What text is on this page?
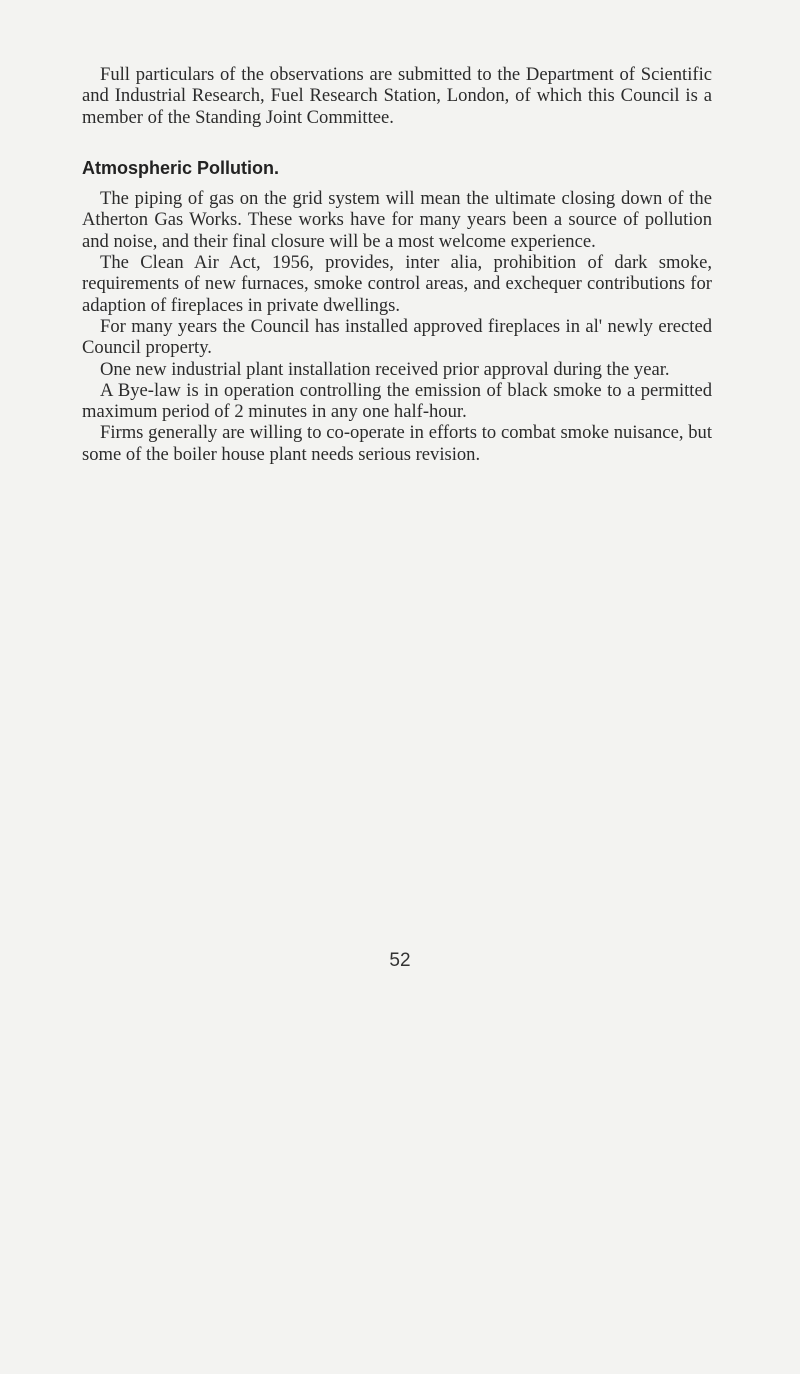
Full particulars of the observations are submitted to the Department of Scientific and Industrial Research, Fuel Research Station, London, of which this Council is a member of the Standing Joint Committee.

Atmospheric Pollution.

The piping of gas on the grid system will mean the ultimate closing down of the Atherton Gas Works. These works have for many years been a source of pollution and noise, and their final closure will be a most welcome experience.

The Clean Air Act, 1956, provides, inter alia, prohibition of dark smoke, requirements of new furnaces, smoke control areas, and exchequer contributions for adaption of fireplaces in private dwellings.

For many years the Council has installed approved fireplaces in al' newly erected Council property.

One new industrial plant installation received prior approval during the year.

A Bye-law is in operation controlling the emission of black smoke to a permitted maximum period of 2 minutes in any one half-hour.

Firms generally are willing to co-operate in efforts to combat smoke nuisance, but some of the boiler house plant needs serious revision.

52
